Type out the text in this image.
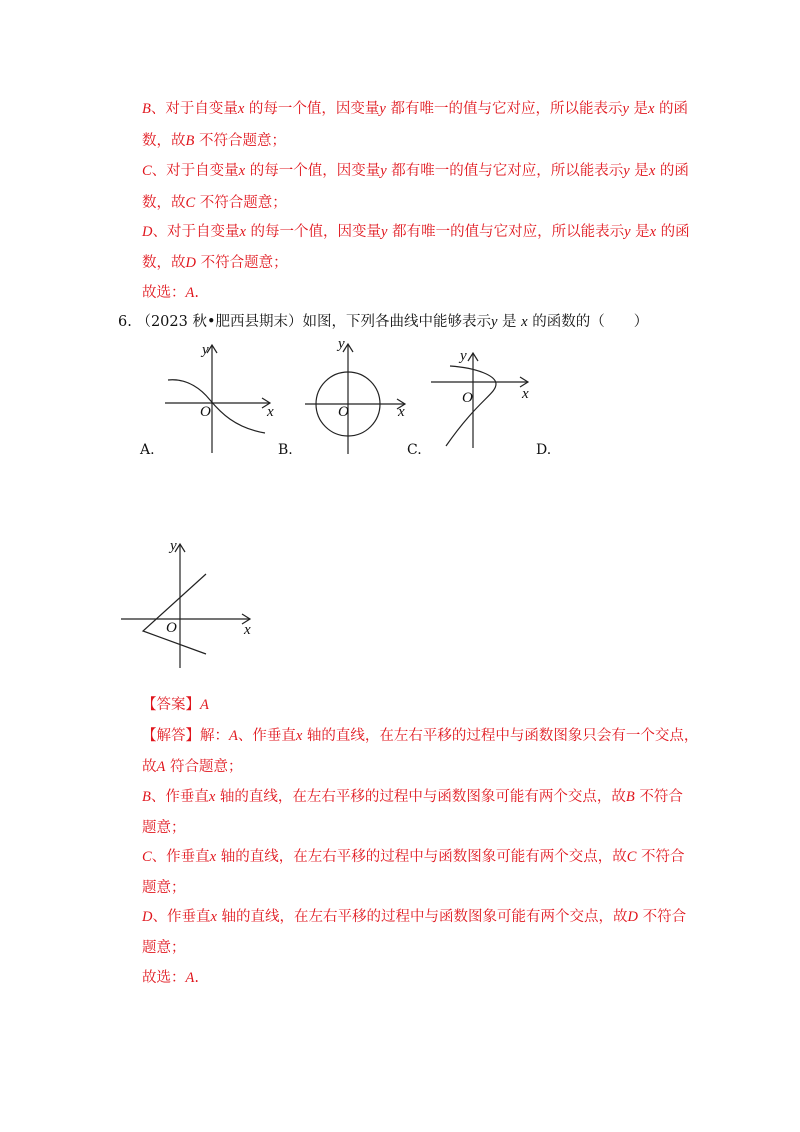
B、对于自变量x 的每一个值，因变量y 都有唯一的值与它对应，所以能表示y 是x 的函
数，故B 不符合题意；
C、对于自变量x 的每一个值，因变量y 都有唯一的值与它对应，所以能表示y 是x 的函
数，故C 不符合题意；
D、对于自变量x 的每一个值，因变量y 都有唯一的值与它对应，所以能表示y 是x 的函
数，故D 不符合题意；
故选：A.
6. （2023 秋•肥西县期末）如图，下列各曲线中能够表示y 是 x 的函数的（　　）
x
y
O
A.
x
y
O
B.
x
y
O
C.	D.
x
y
O
【答案】A
【解答】解：A、作垂直x 轴的直线，在左右平移的过程中与函数图象只会有一个交点，
故A 符合题意；
B、作垂直x 轴的直线，在左右平移的过程中与函数图象可能有两个交点，故B 不符合
题意；
C、作垂直x 轴的直线，在左右平移的过程中与函数图象可能有两个交点，故C 不符合
题意；
D、作垂直x 轴的直线，在左右平移的过程中与函数图象可能有两个交点，故D 不符合
题意；
故选：A.
